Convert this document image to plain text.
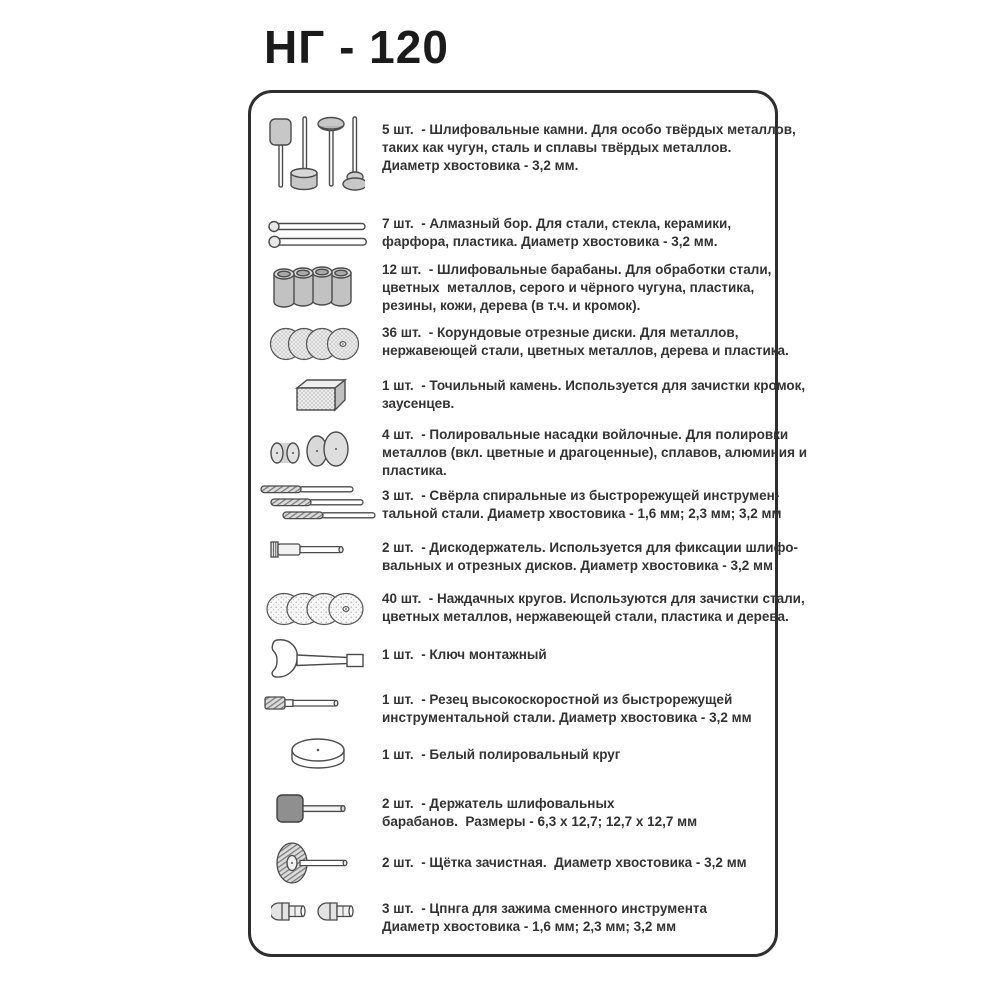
НГ - 120
5 шт.  - Шлифовальные камни. Для особо твёрдых металлов,
таких как чугун, сталь и сплавы твёрдых металлов.
Диаметр хвостовика - 3,2 мм.
7 шт.  - Алмазный бор. Для стали, стекла, керамики,
фарфора, пластика. Диаметр хвостовика - 3,2 мм.
12 шт.  - Шлифовальные барабаны. Для обработки стали,
цветных  металлов, серого и чёрного чугуна, пластика,
резины, кожи, дерева (в т.ч. и кромок).
36 шт.  - Корундовые отрезные диски. Для металлов,
нержавеющей стали, цветных металлов, дерева и пластика.
1 шт.  - Точильный камень. Используется для зачистки кромок,
заусенцев.
4 шт.  - Полировальные насадки войлочные. Для полировки
металлов (вкл. цветные и драгоценные), сплавов, алюминия и
пластика.
3 шт.  - Свёрла спиральные из быстрорежущей инструмен-
тальной стали. Диаметр хвостовика - 1,6 мм; 2,3 мм; 3,2 мм
2 шт.  - Дискодержатель. Используется для фиксации шлифо-
вальных и отрезных дисков. Диаметр хвостовика - 3,2 мм
40 шт.  - Наждачных кругов. Используются для зачистки стали,
цветных металлов, нержавеющей стали, пластика и дерева.
1 шт.  - Ключ монтажный
1 шт.  - Резец высокоскоростной из быстрорежущей
инструментальной стали. Диаметр хвостовика - 3,2 мм
1 шт.  - Белый полировальный круг
2 шт.  - Держатель шлифовальных
барабанов.  Размеры - 6,3 x 12,7; 12,7 x 12,7 мм
2 шт.  - Щётка зачистная.  Диаметр хвостовика - 3,2 мм
3 шт.  - Цпнга для зажима сменного инструмента
Диаметр хвостовика - 1,6 мм; 2,3 мм; 3,2 мм
